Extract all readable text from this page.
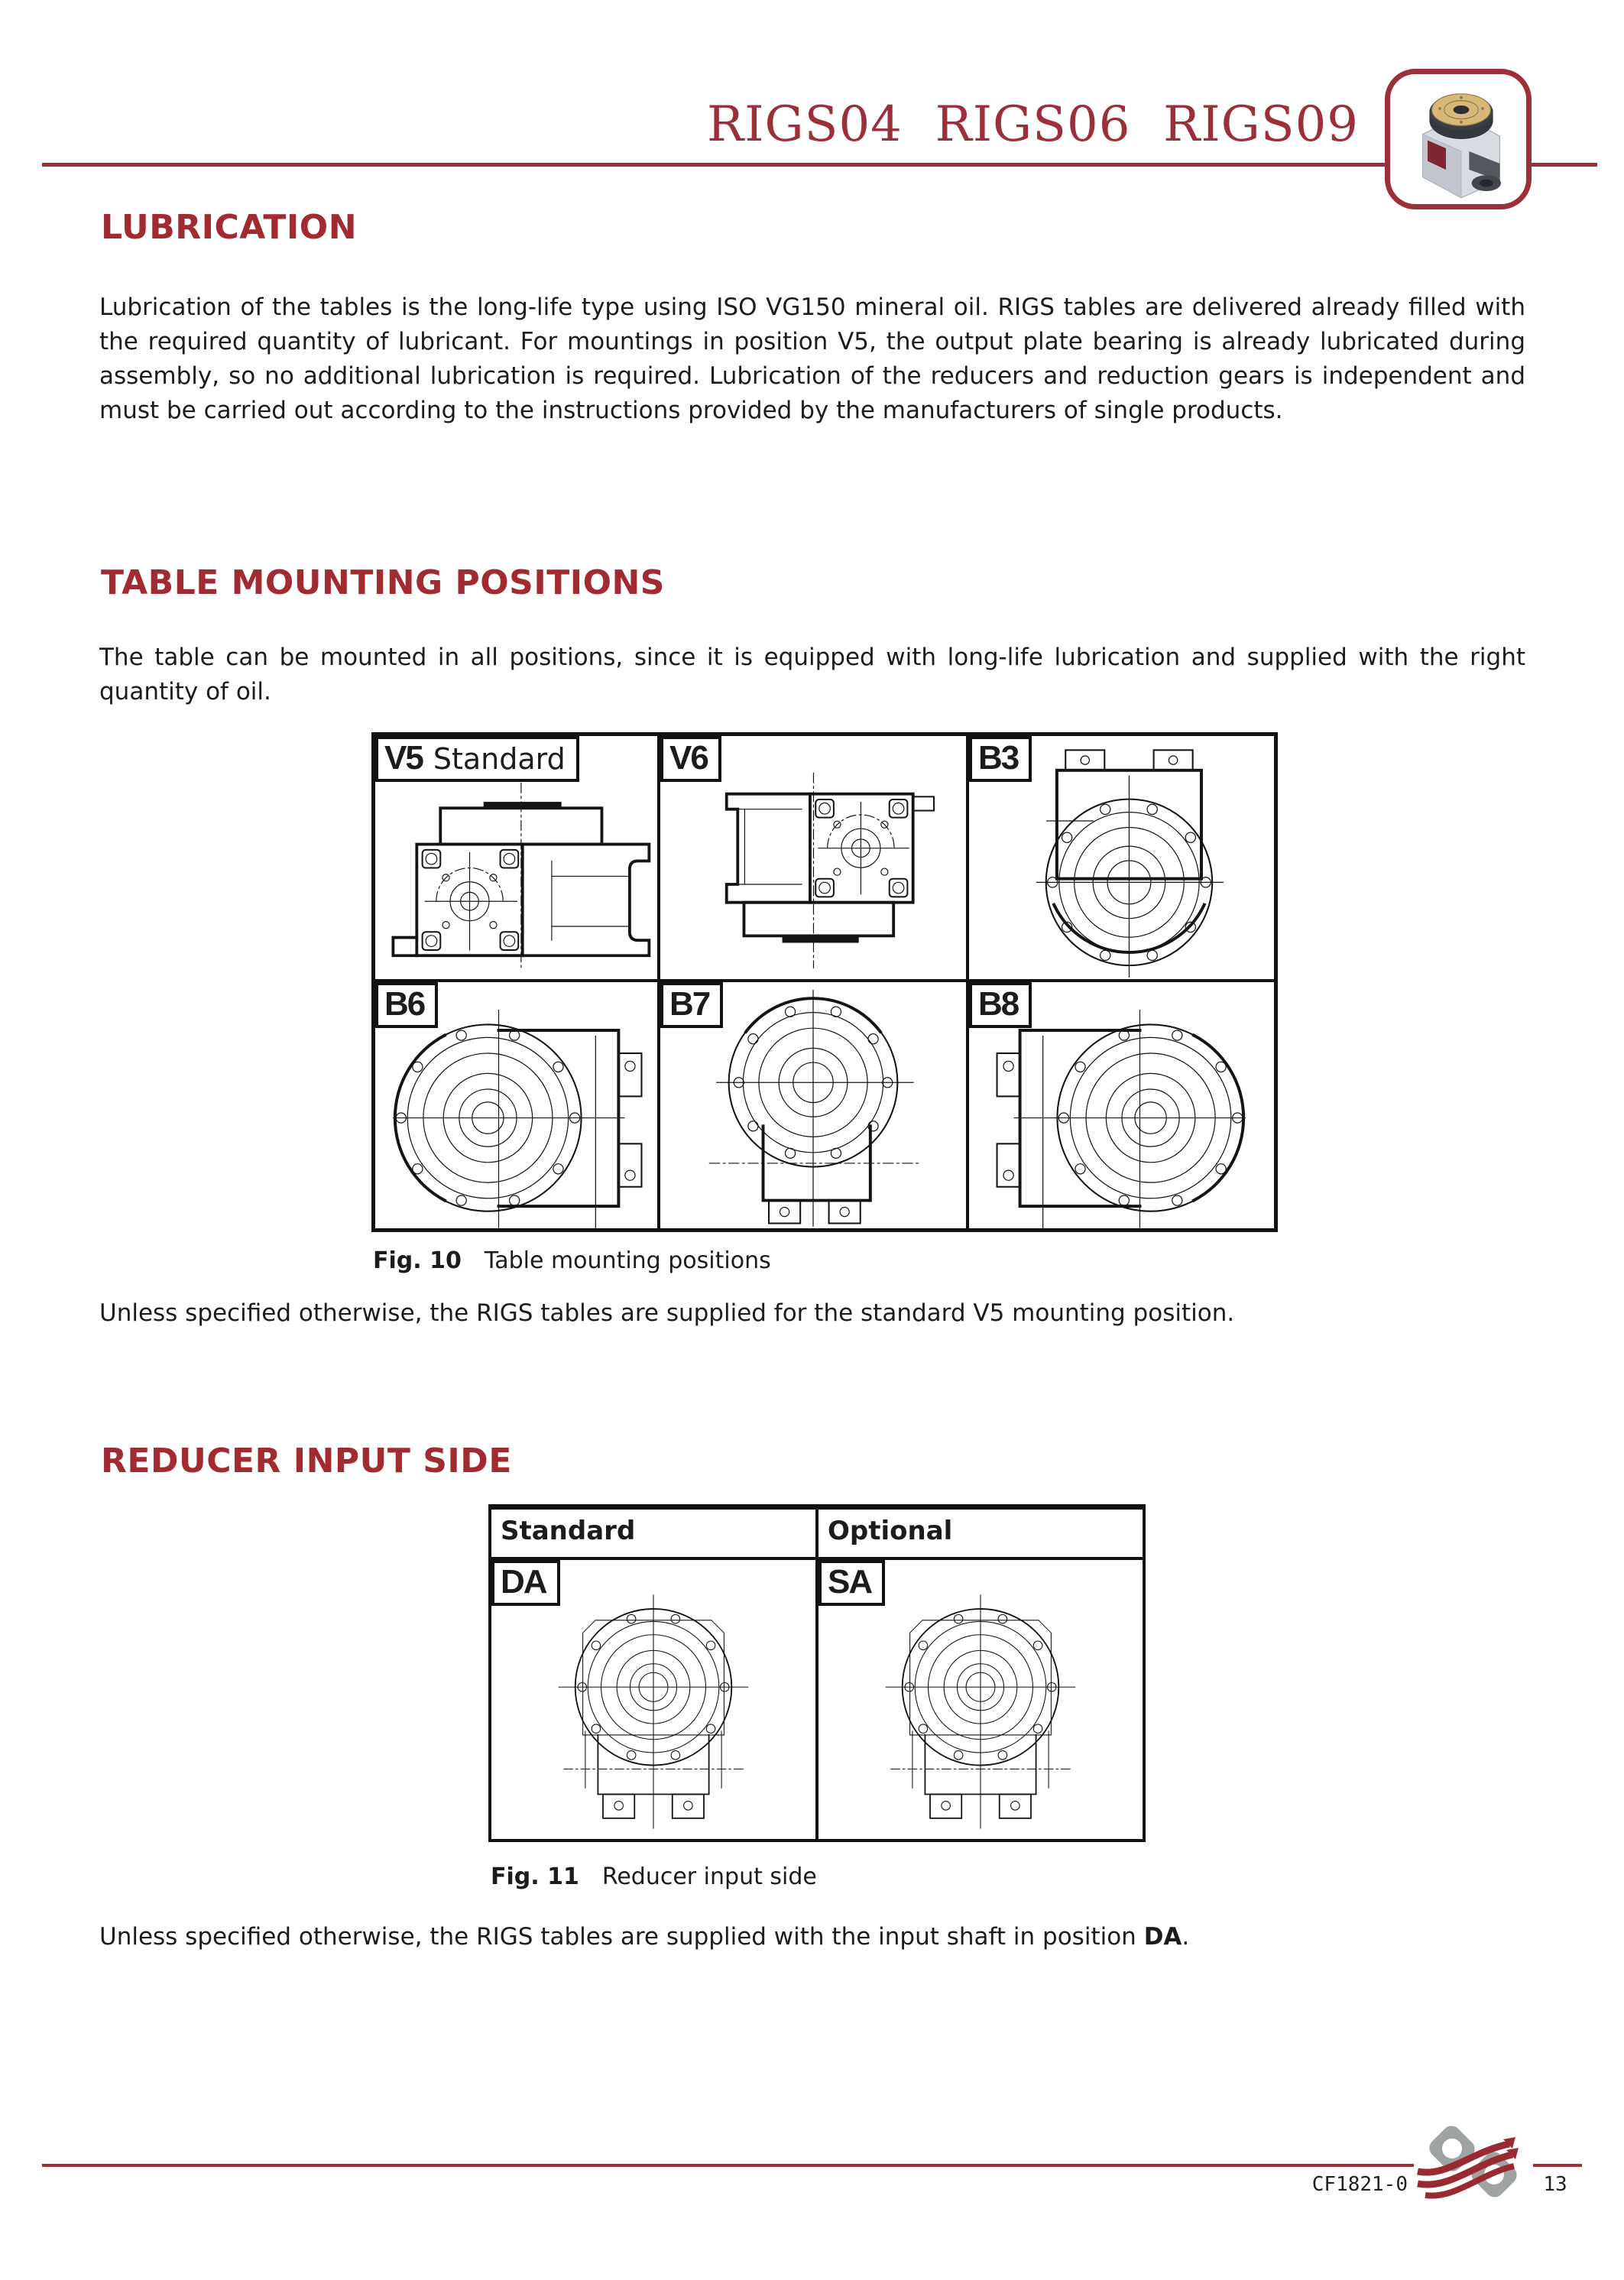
RIGS04  RIGS06  RIGS09
LUBRICATION
Lubrication of the tables is the long-life type using ISO VG150 mineral oil. RIGS tables are delivered already filled with the required quantity of lubricant. For mountings in position V5, the output plate bearing is already lubricated during assembly, so no additional lubrication is required. Lubrication of the reducers and reduction gears is independent and must be carried out according to the instructions provided by the manufacturers of single products.
TABLE MOUNTING POSITIONS
The table can be mounted in all positions, since it is equipped with long-life lubrication and supplied with the right quantity of oil.
V5 Standard	V6	B3
B6	B7	B8
Fig. 10 Table mounting positions
Unless specified otherwise, the RIGS tables are supplied for the standard V5 mounting position.
REDUCER INPUT SIDE
Standard	Optional
DA	SA
Fig. 11 Reducer input side
Unless specified otherwise, the RIGS tables are supplied with the input shaft in position DA.
CF1821-0	13
